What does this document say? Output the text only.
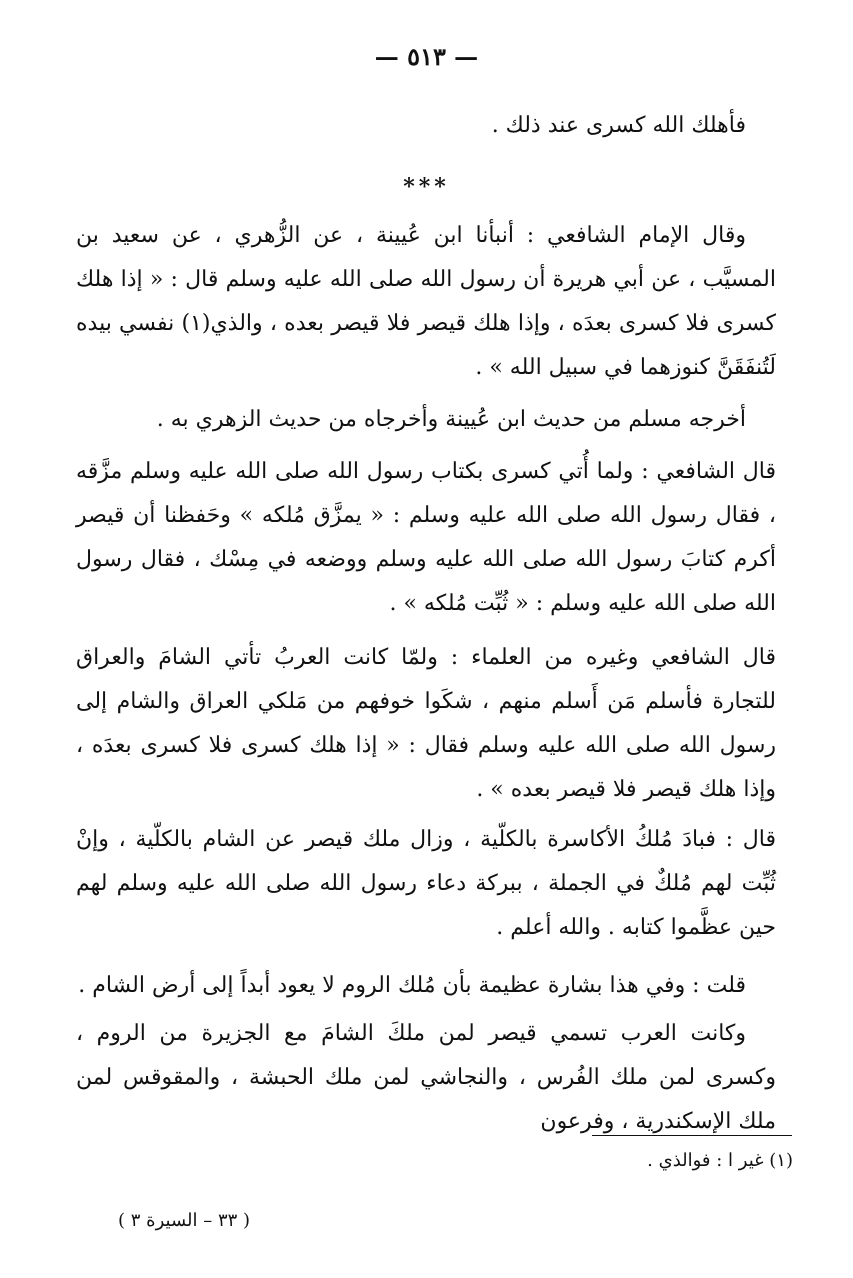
— ٥١٣ —

فأهلك الله كسرى عند ذلك .

***

وقال الإمام الشافعي : أنبأنا ابن عُيينة ، عن الزُّهري ، عن سعيد بن المسيَّب ، عن أبي هريرة أن رسول الله صلى الله عليه وسلم قال : « إذا هلك كسرى فلا كسرى بعدَه ، وإذا هلك قيصر فلا قيصر بعده ، والذي(١) نفسي بيده لَتُنفَقَنَّ كنوزهما في سبيل الله » .

أخرجه مسلم من حديث ابن عُيينة وأخرجاه من حديث الزهري به .

قال الشافعي : ولما أُتي كسرى بكتاب رسول الله صلى الله عليه وسلم مزَّقه ، فقال رسول الله صلى الله عليه وسلم : « يمزَّق مُلكه » وحَفظنا أن قيصر أكرم كتابَ رسول الله صلى الله عليه وسلم ووضعه في مِسْك ، فقال رسول الله صلى الله عليه وسلم : « ثُبِّت مُلكه » .

قال الشافعي وغيره من العلماء : ولمّا كانت العربُ تأتي الشامَ والعراق للتجارة فأسلم مَن أَسلم منهم ، شكَوا خوفهم من مَلكي العراق والشام إلى رسول الله صلى الله عليه وسلم فقال : « إذا هلك كسرى فلا كسرى بعدَه ، وإذا هلك قيصر فلا قيصر بعده » .

قال : فبادَ مُلكُ الأكاسرة بالكلّية ، وزال ملك قيصر عن الشام بالكلّية ، وإنْ ثُبِّت لهم مُلكٌ في الجملة ، ببركة دعاء رسول الله صلى الله عليه وسلم لهم حين عظَّموا كتابه . والله أعلم .

قلت : وفي هذا بشارة عظيمة بأن مُلك الروم لا يعود أبداً إلى أرض الشام .

وكانت العرب تسمي قيصر لمن ملكَ الشامَ مع الجزيرة من الروم ، وكسرى لمن ملك الفُرس ، والنجاشي لمن ملك الحبشة ، والمقوقس لمن ملك الإسكندرية ، وفرعون

(١) غير ا : فوالذي .
( ٣٣ – السيرة ٣ )
